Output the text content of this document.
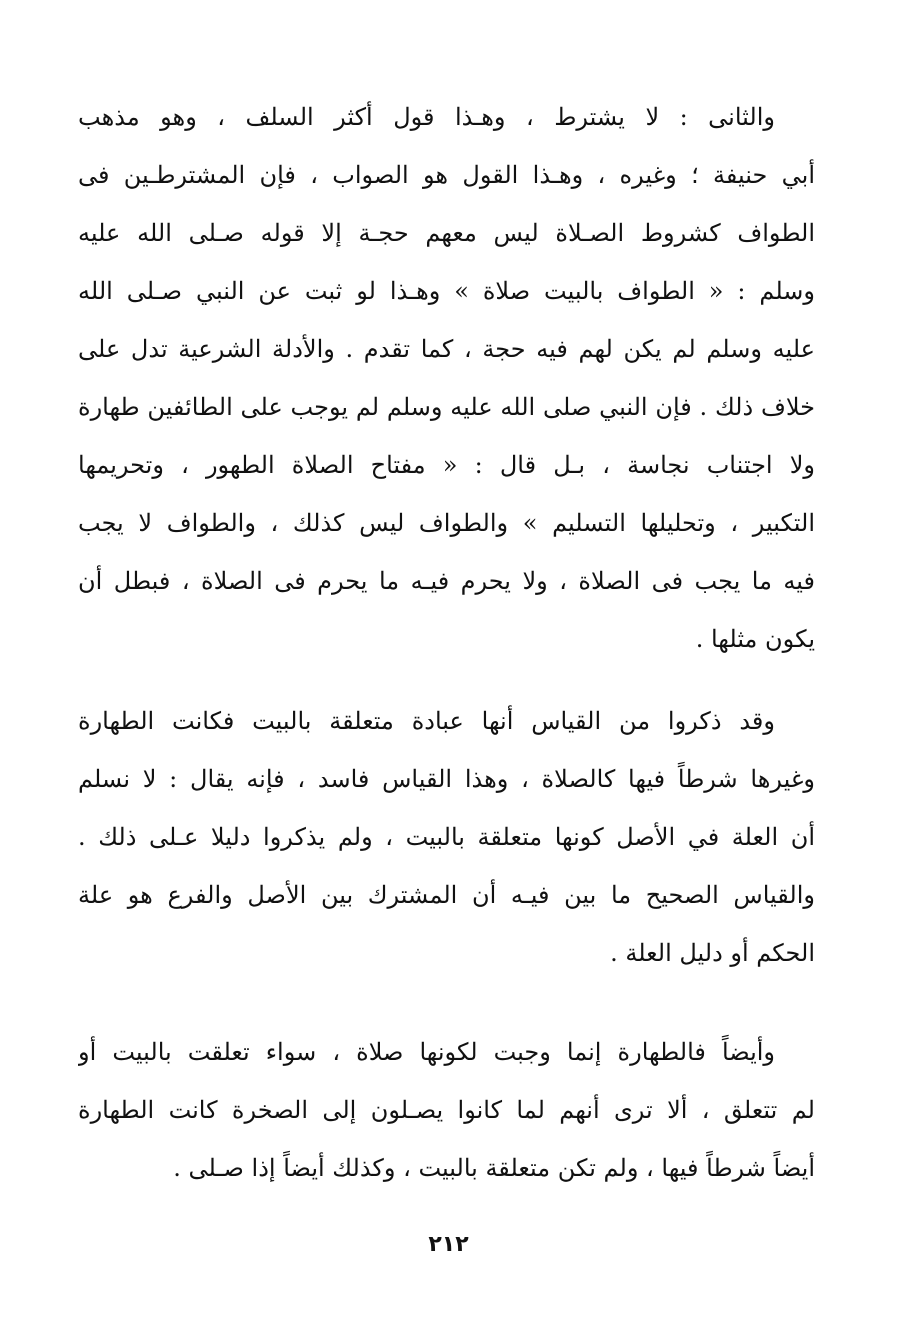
والثانى : لا يشترط ، وهـذا قول أكثر السلف ، وهو مذهب
أبي حنيفة ؛ وغيره ، وهـذا القول هو الصواب ، فإن المشترطـين فى
الطواف كشروط الصـلاة ليس معهم حجـة إلا قوله صـلى الله عليه
وسلم : « الطواف بالبيت صلاة » وهـذا لو ثبت عن النبي صـلى الله
عليه وسلم لم يكن لهم فيه حجة ، كما تقدم . والأدلة الشرعية تدل على
خلاف ذلك . فإن النبي صلى الله عليه وسلم لم يوجب على الطائفين طهارة
ولا اجتناب نجاسة ، بـل قال : « مفتاح الصلاة الطهور ، وتحريمها
التكبير ، وتحليلها التسليم » والطواف ليس كذلك ، والطواف لا يجب
فيه ما يجب فى الصلاة ، ولا يحرم فيـه ما يحرم فى الصلاة ، فبطل أن
يكون مثلها .
وقد ذكروا من القياس أنها عبادة متعلقة بالبيت فكانت الطهارة
وغيرها شرطاً فيها كالصلاة ، وهذا القياس فاسد ، فإنه يقال : لا نسلم
أن العلة في الأصل كونها متعلقة بالبيت ، ولم يذكروا دليلا عـلى ذلك .
والقياس الصحيح ما بين فيـه أن المشترك بين الأصل والفرع هو علة
الحكم أو دليل العلة .
وأيضاً فالطهارة إنما وجبت لكونها صلاة ، سواء تعلقت بالبيت أو
لم تتعلق ، ألا ترى أنهم لما كانوا يصـلون إلى الصخرة كانت الطهارة
أيضاً شرطاً فيها ، ولم تكن متعلقة بالبيت ، وكذلك أيضاً إذا صـلى .
٢١٢
